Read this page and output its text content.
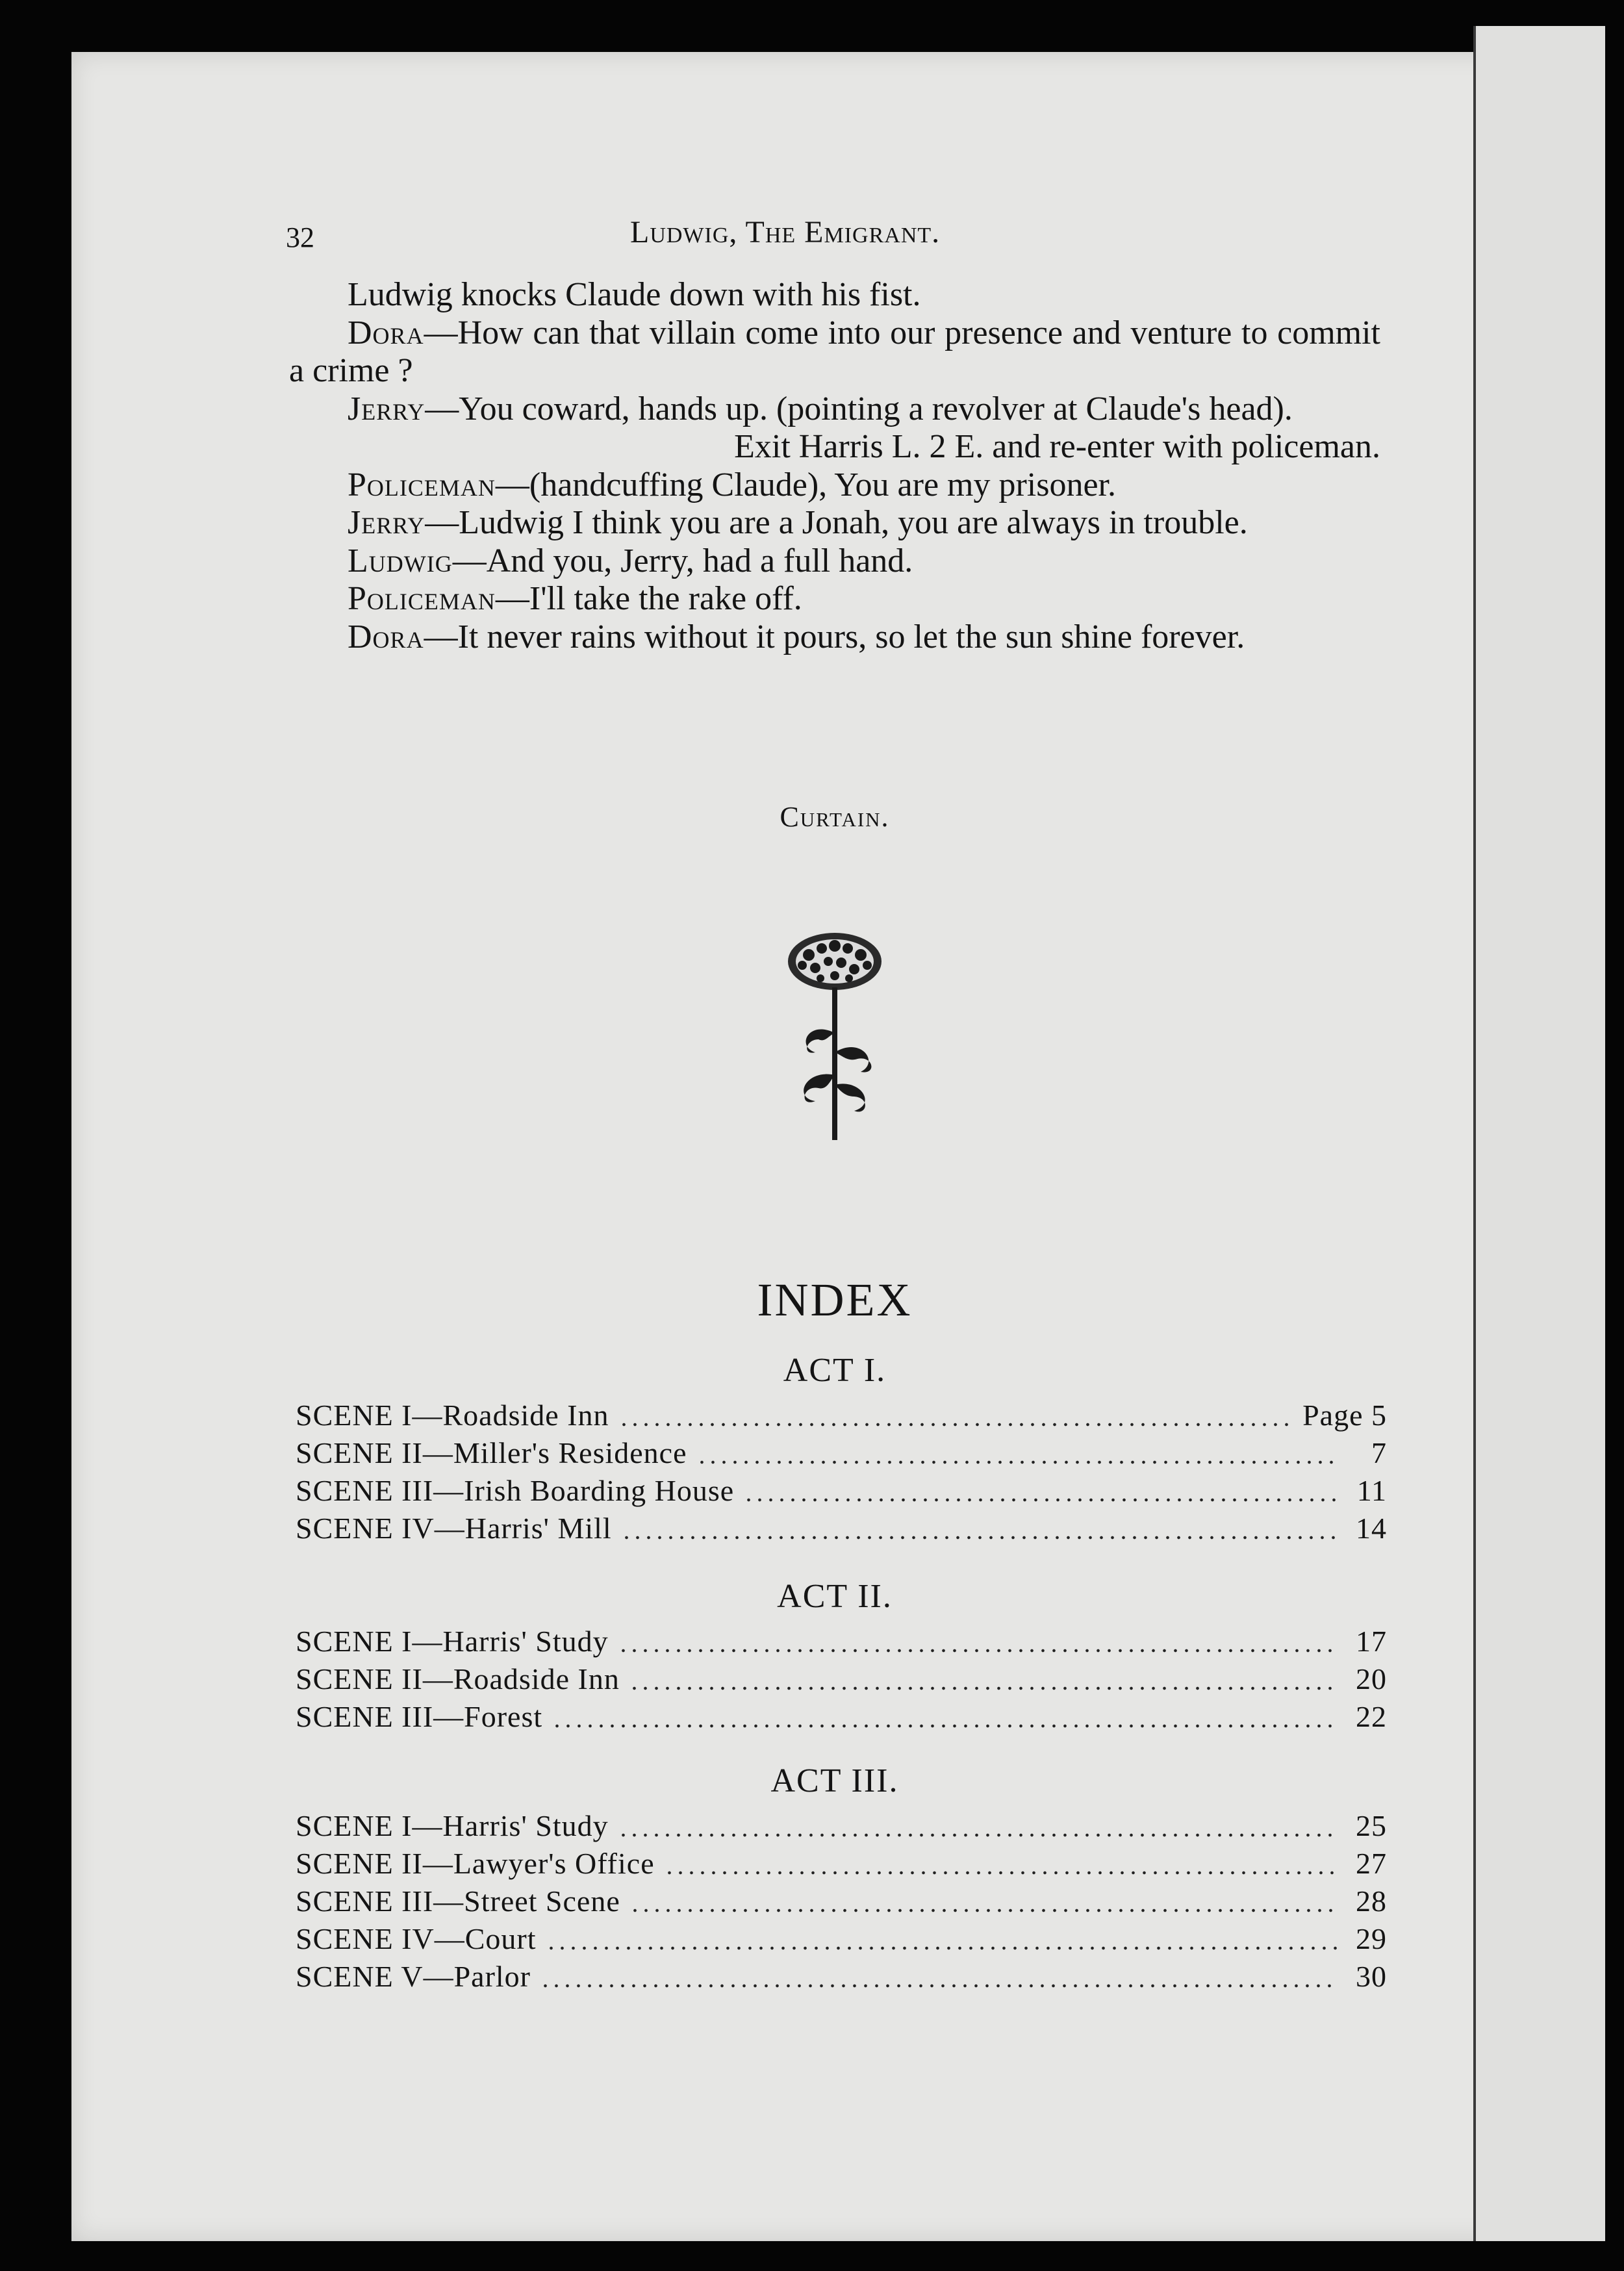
32	Ludwig, The Emigrant.

Ludwig knocks Claude down with his fist.

Dora—How can that villain come into our presence and venture to commit a crime ?

Jerry—You coward, hands up. (pointing a revolver at Claude's head).

Exit Harris L. 2 E. and re-enter with policeman.

Policeman—(handcuffing Claude), You are my prisoner.

Jerry—Ludwig I think you are a Jonah, you are always in trouble.

Ludwig—And you, Jerry, had a full hand.

Policeman—I'll take the rake off.

Dora—It never rains without it pours, so let the sun shine forever.

Curtain.
INDEX
ACT I.
SCENE I—Roadside Inn	Page 5
SCENE II—Miller's Residence	7
SCENE III—Irish Boarding House	11
SCENE IV—Harris' Mill	14
ACT II.
SCENE I—Harris' Study	17
SCENE II—Roadside Inn	20
SCENE III—Forest	22
ACT III.
SCENE I—Harris' Study	25
SCENE II—Lawyer's Office	27
SCENE III—Street Scene	28
SCENE IV—Court	29
SCENE V—Parlor	30
